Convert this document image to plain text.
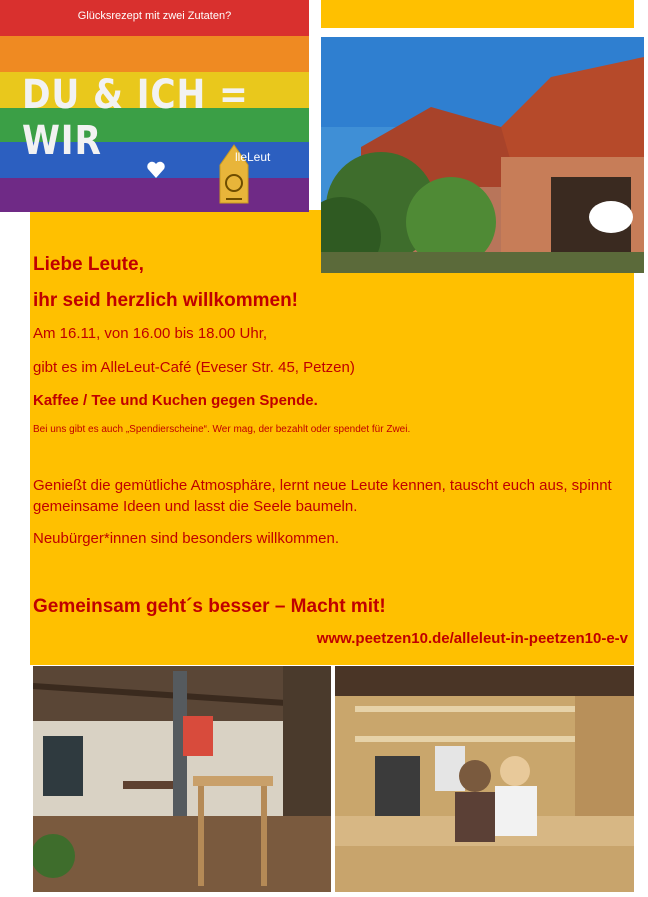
Glücksrezept mit zwei Zutaten?
DU & ICH = WIR	lleLeut
Liebe Leute,
ihr seid herzlich willkommen!
Am 16.11, von 16.00 bis 18.00 Uhr,
gibt es im AlleLeut-Café (Eveser Str. 45, Petzen)
Kaffee / Tee und Kuchen gegen Spende.
Bei uns gibt es auch „Spendierscheine“. Wer mag, der bezahlt oder spendet für Zwei.
Genießt die gemütliche Atmosphäre, lernt neue Leute kennen, tauscht euch aus, spinnt gemeinsame Ideen und lasst die Seele baumeln.
Neubürger*innen sind besonders willkommen.
Gemeinsam geht´s besser – Macht mit!
www.peetzen10.de/alleleut-in-peetzen10-e-v
